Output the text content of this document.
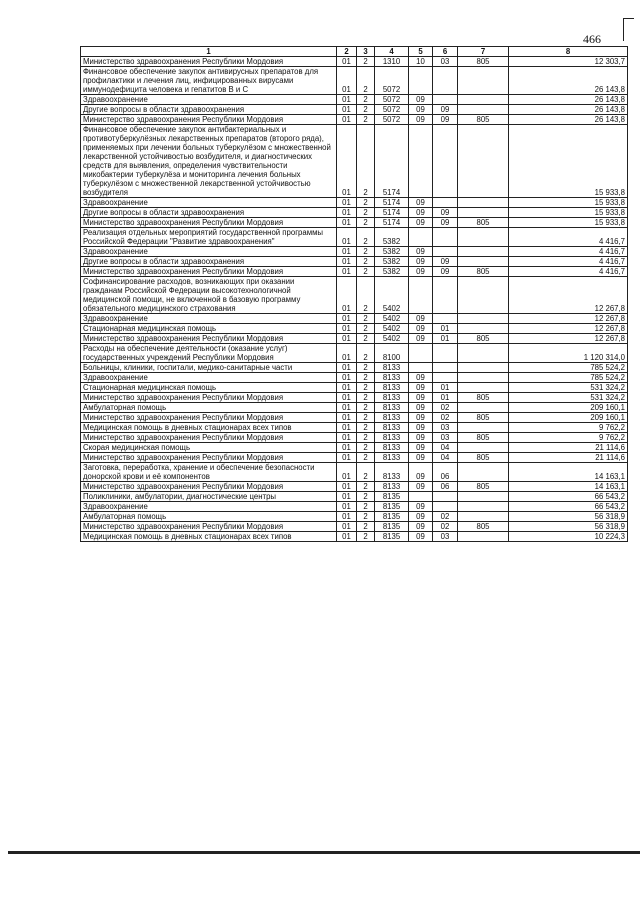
466
1	2	3	4	5	6	7	8
Министерство здравоохранения Республики Мордовия	01	2	1310	10	03	805	12 303,7
Финансовое обеспечение закупок антивирусных препаратов для профилактики и лечения лиц, инфицированных вирусами иммунодефицита человека и гепатитов В и С	01	2	5072				26 143,8
Здравоохранение	01	2	5072	09			26 143,8
Другие вопросы в области здравоохранения	01	2	5072	09	09		26 143,8
Министерство здравоохранения Республики Мордовия	01	2	5072	09	09	805	26 143,8
Финансовое обеспечение закупок антибактериальных и противотуберкулёзных лекарственных препаратов (второго ряда), применяемых при лечении больных туберкулёзом с множественной лекарственной устойчивостью возбудителя, и диагностических средств для выявления, определения чувствительности микобактерии туберкулёза и мониторинга лечения больных туберкулёзом с множественной лекарственной устойчивостью возбудителя	01	2	5174				15 933,8
Здравоохранение	01	2	5174	09			15 933,8
Другие вопросы в области здравоохранения	01	2	5174	09	09		15 933,8
Министерство здравоохранения Республики Мордовия	01	2	5174	09	09	805	15 933,8
Реализация отдельных мероприятий государственной программы Российской Федерации "Развитие здравоохранения"	01	2	5382				4 416,7
Здравоохранение	01	2	5382	09			4 416,7
Другие вопросы в области здравоохранения	01	2	5382	09	09		4 416,7
Министерство здравоохранения Республики Мордовия	01	2	5382	09	09	805	4 416,7
Софинансирование расходов, возникающих при оказании гражданам Российской Федерации высокотехнологичной медицинской помощи, не включенной в базовую программу обязательного медицинского страхования	01	2	5402				12 267,8
Здравоохранение	01	2	5402	09			12 267,8
Стационарная медицинская помощь	01	2	5402	09	01		12 267,8
Министерство здравоохранения Республики Мордовия	01	2	5402	09	01	805	12 267,8
Расходы на обеспечение деятельности (оказание услуг) государственных учреждений Республики Мордовия	01	2	8100				1 120 314,0
Больницы, клиники, госпитали, медико-санитарные части	01	2	8133				785 524,2
Здравоохранение	01	2	8133	09			785 524,2
Стационарная медицинская помощь	01	2	8133	09	01		531 324,2
Министерство здравоохранения Республики Мордовия	01	2	8133	09	01	805	531 324,2
Амбулаторная помощь	01	2	8133	09	02		209 160,1
Министерство здравоохранения Республики Мордовия	01	2	8133	09	02	805	209 160,1
Медицинская помощь в дневных стационарах всех типов	01	2	8133	09	03		9 762,2
Министерство здравоохранения Республики Мордовия	01	2	8133	09	03	805	9 762,2
Скорая медицинская помощь	01	2	8133	09	04		21 114,6
Министерство здравоохранения Республики Мордовия	01	2	8133	09	04	805	21 114,6
Заготовка, переработка, хранение и обеспечение безопасности донорской крови и её компонентов	01	2	8133	09	06		14 163,1
Министерство здравоохранения Республики Мордовия	01	2	8133	09	06	805	14 163,1
Поликлиники, амбулатории, диагностические центры	01	2	8135				66 543,2
Здравоохранение	01	2	8135	09			66 543,2
Амбулаторная помощь	01	2	8135	09	02		56 318,9
Министерство здравоохранения Республики Мордовия	01	2	8135	09	02	805	56 318,9
Медицинская помощь в дневных стационарах всех типов	01	2	8135	09	03		10 224,3
